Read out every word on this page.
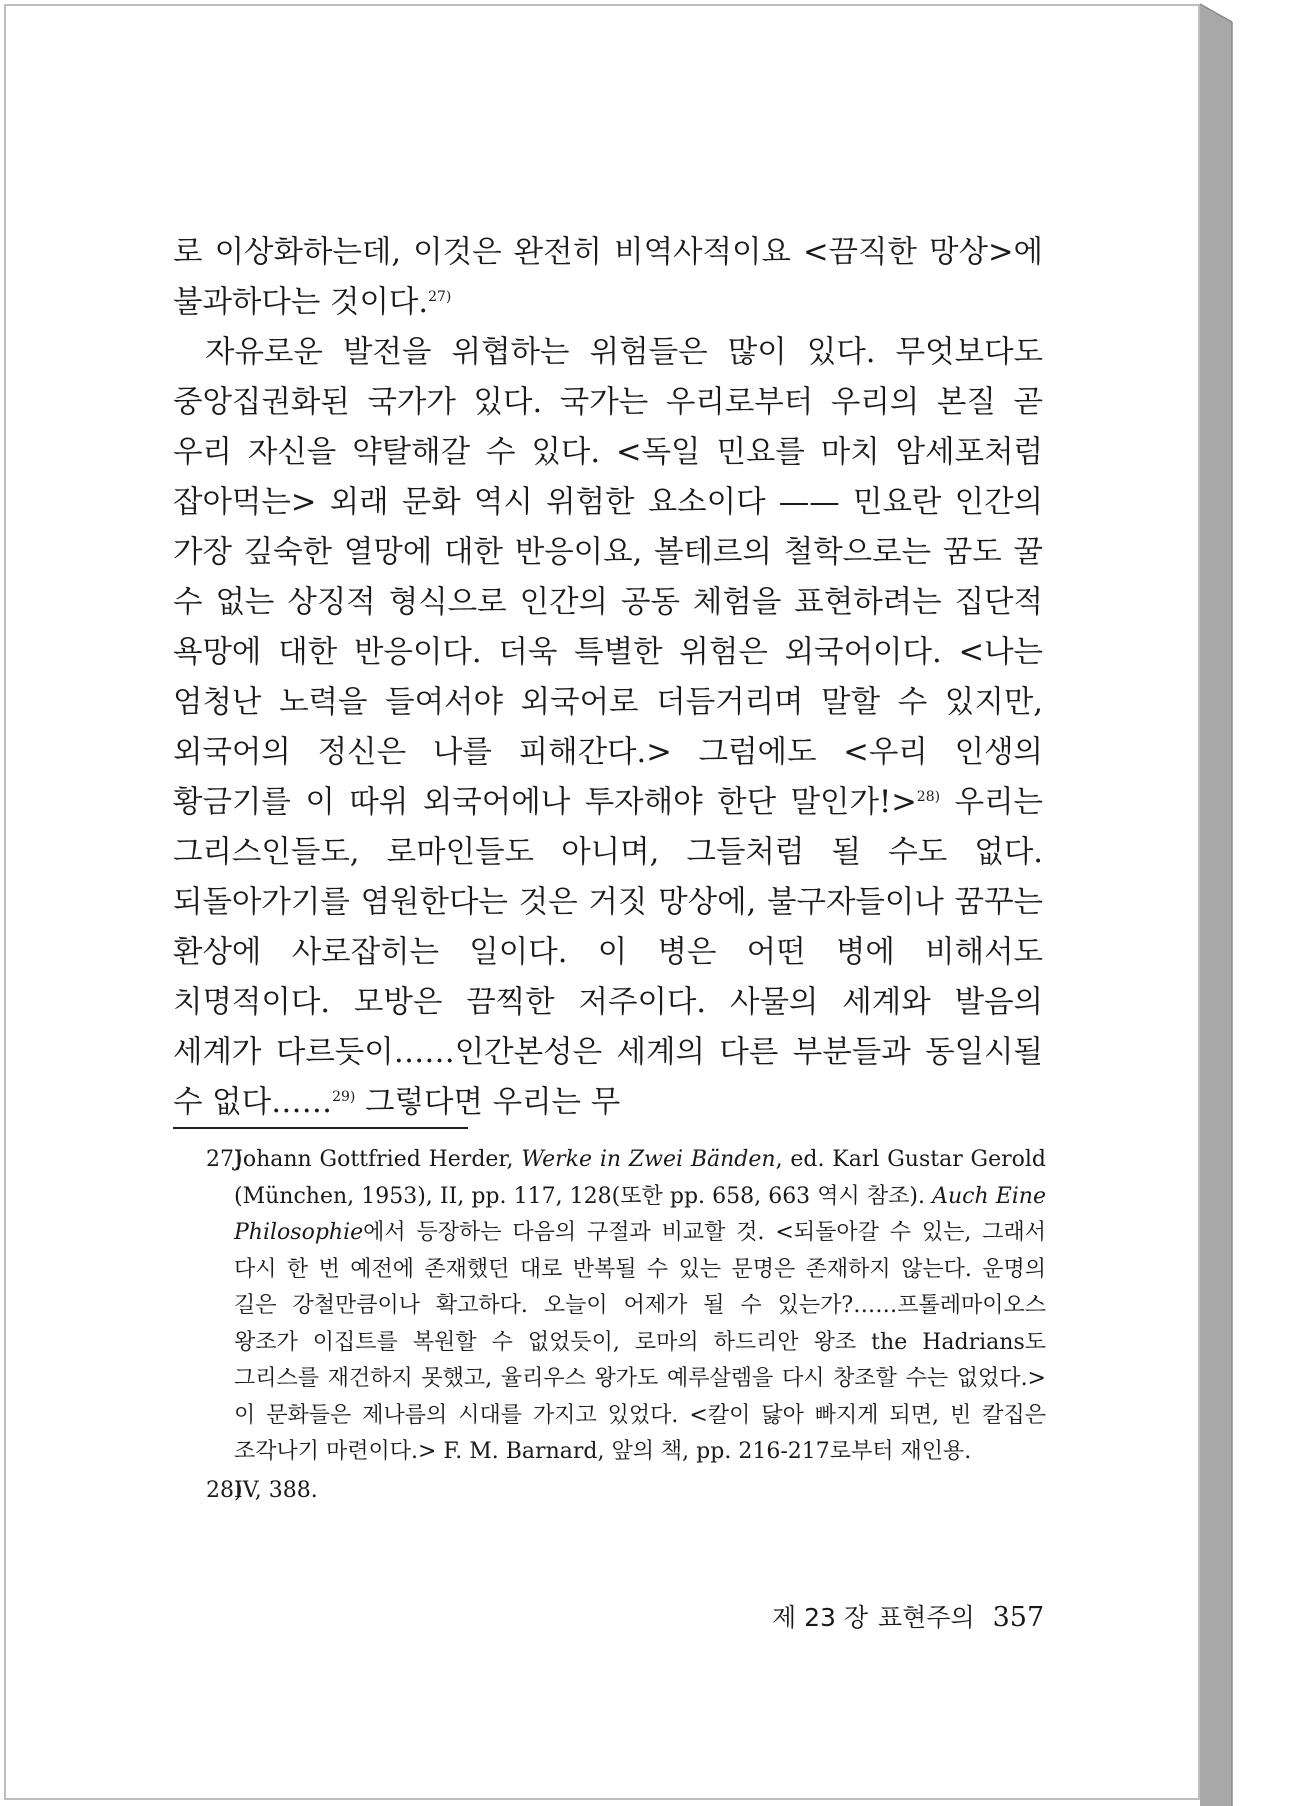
로 이상화하는데, 이것은 완전히 비역사적이요 <끔직한 망상>에 불과하다는 것이다.$^{27)}$

자유로운 발전을 위협하는 위험들은 많이 있다. 무엇보다도 중앙집권화된 국가가 있다. 국가는 우리로부터 우리의 본질 곧 우리 자신을 약탈해갈 수 있다. <독일 민요를 마치 암세포처럼 잡아먹는> 외래 문화 역시 위험한 요소이다 —— 민요란 인간의 가장 깊숙한 열망에 대한 반응이요, 볼테르의 철학으로는 꿈도 꿀 수 없는 상징적 형식으로 인간의 공동 체험을 표현하려는 집단적 욕망에 대한 반응이다. 더욱 특별한 위험은 외국어이다. <나는 엄청난 노력을 들여서야 외국어로 더듬거리며 말할 수 있지만, 외국어의 정신은 나를 피해간다.> 그럼에도 <우리 인생의 황금기를 이 따위 외국어에나 투자해야 한단 말인가!>$^{28)}$ 우리는 그리스인들도, 로마인들도 아니며, 그들처럼 될 수도 없다. 되돌아가기를 염원한다는 것은 거짓 망상에, 불구자들이나 꿈꾸는 환상에 사로잡히는 일이다. 이 병은 어떤 병에 비해서도 치명적이다. 모방은 끔찍한 저주이다. 사물의 세계와 발음의 세계가 다르듯이……인간본성은 세계의 다른 부분들과 동일시될 수 없다……$^{29)}$ 그렇다면 우리는 무

27)
Johann Gottfried Herder, Werke in Zwei Bänden, ed. Karl Gustar Gerold (München, 1953), II, pp. 117, 128(또한 pp. 658, 663 역시 참조). Auch Eine Philosophie에서 등장하는 다음의 구절과 비교할 것. <되돌아갈 수 있는, 그래서 다시 한 번 예전에 존재했던 대로 반복될 수 있는 문명은 존재하지 않는다. 운명의 길은 강철만큼이나 확고하다. 오늘이 어제가 될 수 있는가?……프톨레마이오스 왕조가 이집트를 복원할 수 없었듯이, 로마의 하드리안 왕조 the Hadrians도 그리스를 재건하지 못했고, 율리우스 왕가도 예루살렘을 다시 창조할 수는 없었다.> 이 문화들은 제나름의 시대를 가지고 있었다. <칼이 닳아 빠지게 되면, 빈 칼집은 조각나기 마련이다.> F. M. Barnard, 앞의 책, pp. 216-217로부터 재인용.
28)
IV, 388.
제 23 장 표현주의 357
